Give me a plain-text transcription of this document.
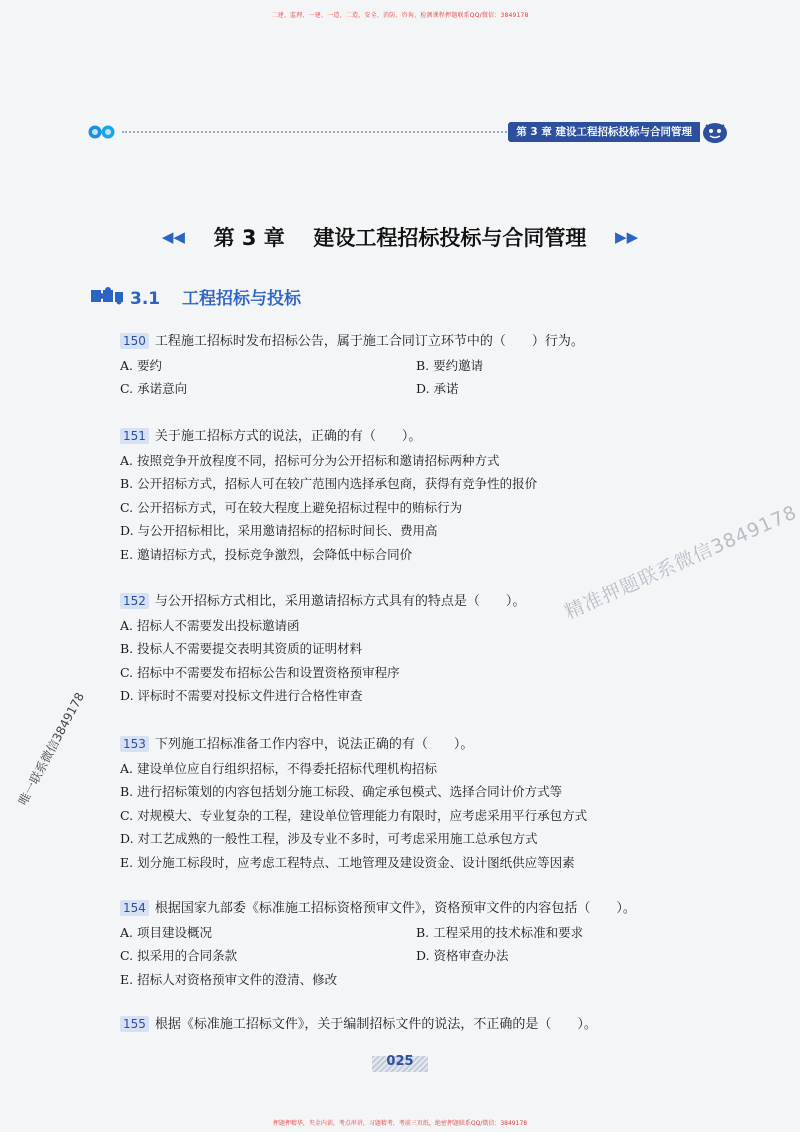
二建、监理、一建、一造、二造、安全、消防、咨询、检测课程押题联系QQ/微信：3849178
第 3 章 建设工程招标投标与合同管理
◀◀ 第 3 章 建设工程招标投标与合同管理 ▶▶
3.1 工程招标与投标
150 工程施工招标时发布招标公告，属于施工合同订立环节中的（　　）行为。
A. 要约	B. 要约邀请
C. 承诺意向	D. 承诺
151 关于施工招标方式的说法，正确的有（　　）。
A. 按照竞争开放程度不同，招标可分为公开招标和邀请招标两种方式
B. 公开招标方式，招标人可在较广范围内选择承包商，获得有竞争性的报价
C. 公开招标方式，可在较大程度上避免招标过程中的贿标行为
D. 与公开招标相比，采用邀请招标的招标时间长、费用高
E. 邀请招标方式，投标竞争激烈，会降低中标合同价
152 与公开招标方式相比，采用邀请招标方式具有的特点是（　　）。
A. 招标人不需要发出投标邀请函
B. 投标人不需要提交表明其资质的证明材料
C. 招标中不需要发布招标公告和设置资格预审程序
D. 评标时不需要对投标文件进行合格性审查
153 下列施工招标准备工作内容中，说法正确的有（　　）。
A. 建设单位应自行组织招标，不得委托招标代理机构招标
B. 进行招标策划的内容包括划分施工标段、确定承包模式、选择合同计价方式等
C. 对规模大、专业复杂的工程，建设单位管理能力有限时，应考虑采用平行承包方式
D. 对工艺成熟的一般性工程，涉及专业不多时，可考虑采用施工总承包方式
E. 划分施工标段时，应考虑工程特点、工地管理及建设资金、设计图纸供应等因素
154 根据国家九部委《标准施工招标资格预审文件》，资格预审文件的内容包括（　　）。
A. 项目建设概况	B. 工程采用的技术标准和要求
C. 拟采用的合同条款	D. 资格审查办法
E. 招标人对资格预审文件的澄清、修改
155 根据《标准施工招标文件》，关于编制招标文件的说法，不正确的是（　　）。
025
精准押题联系微信3849178
唯一联系微信3849178
押题押精华，夹金内训，考点串讲，习题精考，考前三页纸，绝密押题联系QQ/微信：3849178
